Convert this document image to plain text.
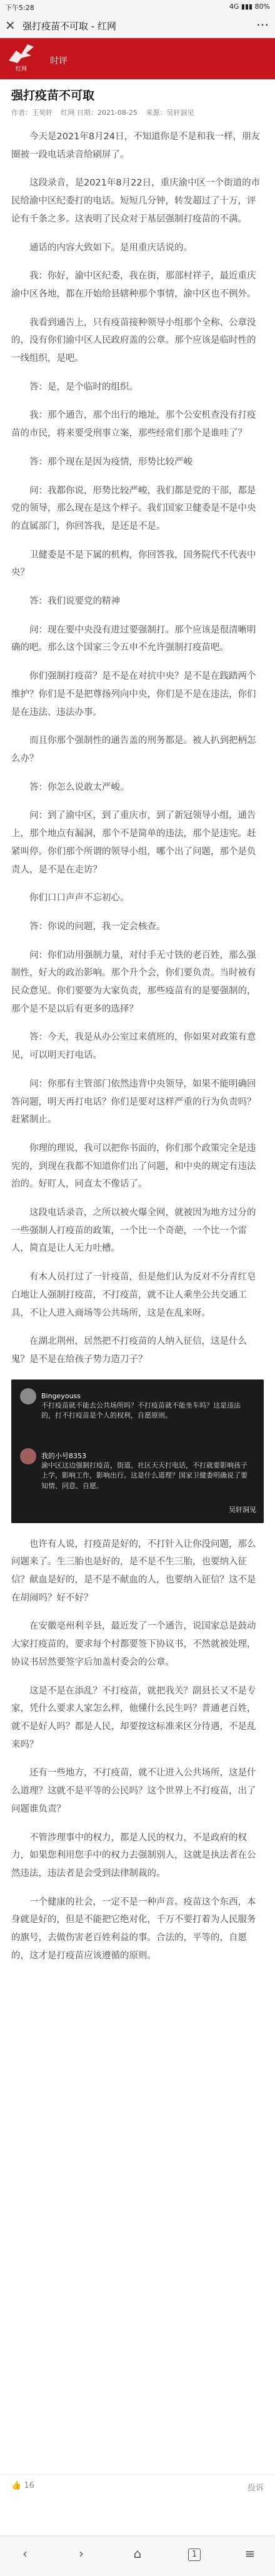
下午5:28	4G ▮▮▮ 80%
× 强打疫苗不可取 - 红网	⋯
红网
时评
强打疫苗不可取
作者：王昊轩 红网 日期：2021-08-25 来源：吴轩洞见

今天是2021年8月24日，不知道你是不是和我一样，朋友圈被一段电话录音给刷屏了。

这段录音，是2021年8月22日，重庆渝中区一个街道的市民给渝中区纪委打的电话。短短几分钟，转发超过了十万，评论有千条之多。这表明了民众对于基层强制打疫苗的不满。

通话的内容大致如下。是用重庆话说的。

我：你好，渝中区纪委，我在街，那部村祥子，最近重庆渝中区各地，都在开始给县辖种那个事情，渝中区也不例外。

我看到通告上，只有疫苗接种领导小组那个全称、公章没的，没有你们渝中区人民政府盖的公章。那个应该是临时性的一线组织，是吧。

答：是，是个临时的组织。

我：那个通告，那个出行的地址，那个公安机查没有打疫苗的市民，将来要受刑事立案，那些经常们那个是谁哇了？

答：那个现在是因为疫情，形势比较严峻

问：我都你说，形势比较严峻，我们都是党的干部，都是党的领导，那么现在是这个样子。我们国家卫健委是不是中央的直属部门，你回答我，是还是不是。

卫健委是不是下属的机构，你回答我，国务院代不代表中央？

答：我们说要党的精神

问：现在要中央没有进过要强制打。那个应该是很清晰明确的吧。那么这个国家三令五申不允许强制打疫苗吧。

你们强制打疫苗？是不是在对抗中央？是不是在践踏两个维护？你们是不是把尊扬列向中央，你们是不是在违法，你们是在违法、违法办事。

而且你那个强制性的通告盖的刑务都是。被人扒到把柄怎么办？

答：你怎么说敢太严峻。

问：到了渝中区，到了重庆市，到了新冠领导小组，通告上，那个地点有漏洞，那个不是简单的违法，那个是违宪。赶紧叫停。你们那个所谓的领导小组，哪个出了问题，那个是负责人，是不是在走访？

你们口口声声不忘初心。

答：你说的问题，我一定会核查。

问：你们动用强制力量，对付手无寸铁的老百姓，那么强制性，好大的政治影响。那个升个会，你们要负责。当时被有民众意见。你们要要为大家负责，那些疫苗有的是要强制的，那个是不是以后有更多的选择？

答：今天，我是从办公室过来值班的，你如果对政策有意见，可以明天打电话。

问：你那有主管部门依然违背中央领导，如果不能明确回答问题，明天再打电话？你们是要对这样严重的行为负责吗？赶紧制止。

你理的理说，我可以把你书面的，你们那个政策完全是违宪的，到现在我都不知道你们出了问题，和中央的规定有违法治的。好盯人，同直太不像话了。

这段电话录音，之所以被火爆全网，就被因为地方过分的一些强制人打疫苗的政策，一个比一个奇葩，一个比一个雷人，简直是让人无力吐槽。

有木人员打过了一针疫苗，但是他们认为反对不分青红皂白地让人强制打疫苗，不打疫苗，就不让人乘坐公共交通工具，不让人进入商场等公共场所，这是在乱来呀。

在湖北荆州，居然把不打疫苗的人纳入征信，这是什么鬼？是不是在给孩子势力造刀子？

Bingeyouss
不打疫苗就不能去公共场所吗？不打疫苗就不能坐车吗？这是违法的，打不打疫苗是个人的权利，自愿原则。
我的小号8353
渝中区这边强制打疫苗，街道、社区天天打电话，不打就要影响孩子上学，影响工作，影响出行。这是什么道理？国家卫健委明确说了要知情、同意、自愿。
吴轩洞见

也许有人说，打疫苗是好的，不打针入让你没问题，那么问题来了。生三胎也是好的，是不是不生三胎，也要纳入征信？献血是好的，是不是不献血的人，也要纳入征信？这不是在胡闹吗？好不好？

在安徽亳州利辛县，最近发了一个通告，说国家总是鼓动大家打疫苗的，要求每个村都要签下协议书，不然就被处理，协议书居然要签字后加盖村委会的公章。

这是不是在添乱？不打疫苗，就把我关？副县长又不是专家，凭什么要求人家怎么样，他懂什么民生吗？普通老百姓，就不是好人吗？都是人民，却要按这标准来区分待遇，不是乱来吗？

还有一些地方，不打疫苗，就不让进入公共场所，这是什么道理？这就不是平等的公民吗？这个世界上不打疫苗，出了问题谁负责？

不管涉理事中的权力，都是人民的权力，不是政府的权力，如果您利用您手中的权力去强制别人，这就是执法者在公然违法，违法者是会受到法律制裁的。

一个健康的社会，一定不是一种声音。疫苗这个东西，本身就是好的，但是不能把它绝对化，千万不要打着为人民服务的旗号，去做伤害老百姓利益的事。合法的，平等的，自愿的，这才是打疫苗应该遵循的原则。

👍 16	投诉
‹	›	⌂	1	≡
